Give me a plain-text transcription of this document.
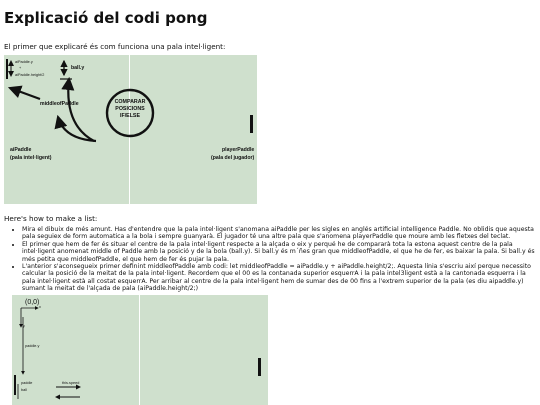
Explicació del codi pong

El primer que explicaré és com funciona una pala intel·ligent:

aiPaddle.y
+
aiPaddle.height/2
ball.y
middleofPaddle	COMPARAR
POSICIONS
IF/ELSE
aiPaddle
(pala intel·ligent)
playerPaddle
(pala del jugador)

Here's how to make a list:

• Mira el dibuix de més amunt. Has d'entendre que la pala intel·ligent s'anomana aiPaddle per les sigles en anglés artificial intelligence Paddle. No oblidis que aquesta pala seguiex de form automatica a la bola i sempre guanyarà. El jugador té una altre pala que s'anomena playerPaddle que moure amb les fletxes del teclat.
• El primer que hem de fer és situar el centre de la pala intel·ligent respecte a la alçada o eix y perqué he de compararà tota la estona aquest centre de la pala intel·ligent anomenat middle of Paddle amb la posició y de la bola (ball.y). Si ball.y és m´ñes gran que middleofPaddle, el que he de fer, es baixar la pala. Si ball.y és més petita que middleofPaddle, el que hem de fer és pujar la pala.
• L'anterior s'aconsegueix primer definint middleofPaddle amb codi: let middleofPaddle = aiPaddle.y + aiPaddle.height/2;. Aquesta línia s'escriu així perque necessito calcular la posició de la meitat de la pala intel·ligent. Recordem que el 00 es la contanada superior esquerrA i la pala intel3ligent està a la cantonada esquerra i la pala intel·ligent està all costat esquerrA. Per arribar al centre de la pala intel·ligent hem de sumar des de 00 fins a l'extrem superior de la pala (es diu aipaddle.y) sumant la meitat de l'alçada de pala (aiPaddle.height/2;)
(0,0)
x
y
paddle.y
paddle
ball
this.speed
